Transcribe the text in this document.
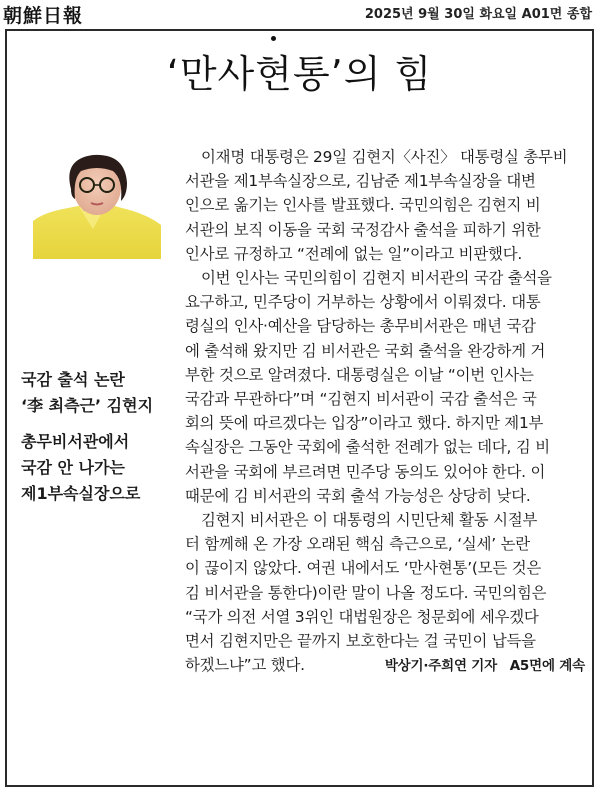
朝鮮日報	2025년 9월 30일 화요일 A01면 종합
‘만사현통’의 힘
국감 출석 논란
‘李 최측근’ 김현지
총무비서관에서
국감 안 나가는
제1부속실장으로

이재명 대통령은 29일 김현지〈사진〉 대통령실 총무비
서관을 제1부속실장으로, 김남준 제1부속실장을 대변
인으로 옮기는 인사를 발표했다. 국민의힘은 김현지 비
서관의 보직 이동을 국회 국정감사 출석을 피하기 위한
인사로 규정하고 “전례에 없는 일”이라고 비판했다.

이번 인사는 국민의힘이 김현지 비서관의 국감 출석을
요구하고, 민주당이 거부하는 상황에서 이뤄졌다. 대통
령실의 인사·예산을 담당하는 총무비서관은 매년 국감
에 출석해 왔지만 김 비서관은 국회 출석을 완강하게 거
부한 것으로 알려졌다. 대통령실은 이날 “이번 인사는
국감과 무관하다”며 “김현지 비서관이 국감 출석은 국
회의 뜻에 따르겠다는 입장”이라고 했다. 하지만 제1부
속실장은 그동안 국회에 출석한 전례가 없는 데다, 김 비
서관을 국회에 부르려면 민주당 동의도 있어야 한다. 이
때문에 김 비서관의 국회 출석 가능성은 상당히 낮다.

김현지 비서관은 이 대통령의 시민단체 활동 시절부
터 함께해 온 가장 오래된 핵심 측근으로, ‘실세’ 논란
이 끊이지 않았다. 여권 내에서도 ‘만사현통’(모든 것은
김 비서관을 통한다)이란 말이 나올 정도다. 국민의힘은
“국가 의전 서열 3위인 대법원장은 청문회에 세우겠다
면서 김현지만은 끝까지 보호한다는 걸 국민이 납득을
하겠느냐”고 했다.	박상기·주희연 기자 A5면에 계속
